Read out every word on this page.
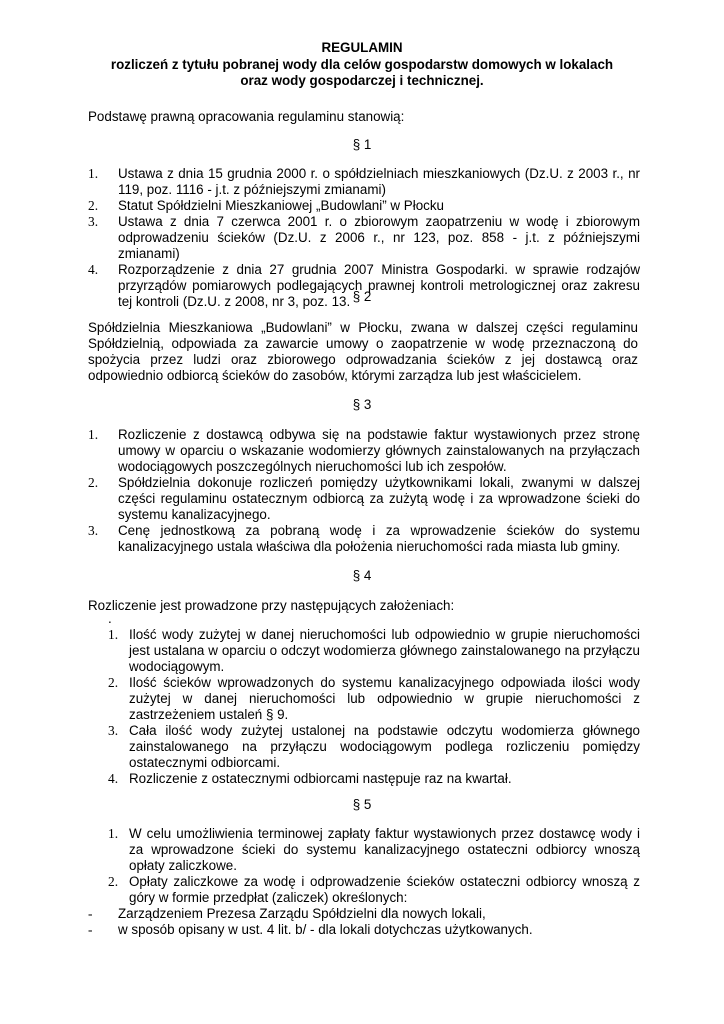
REGULAMIN
rozliczeń z tytułu pobranej wody dla celów gospodarstw domowych w lokalach
oraz wody gospodarczej i technicznej.
Podstawę prawną opracowania regulaminu stanowią:
§ 1
1.	Ustawa z dnia 15 grudnia 2000 r. o spółdzielniach mieszkaniowych (Dz.U. z 2003 r., nr 119, poz. 1116 - j.t. z późniejszymi zmianami)
2.	Statut Spółdzielni Mieszkaniowej „Budowlani” w Płocku
3.	Ustawa z dnia 7 czerwca 2001 r. o zbiorowym zaopatrzeniu w wodę i zbiorowym odprowadzeniu ścieków (Dz.U. z 2006 r., nr 123, poz. 858 - j.t. z późniejszymi zmianami)
4.	Rozporządzenie z dnia 27 grudnia 2007 Ministra Gospodarki. w sprawie rodzajów przyrządów pomiarowych podlegających prawnej kontroli metrologicznej oraz zakresu tej kontroli (Dz.U. z 2008, nr 3, poz. 13. § 2
Spółdzielnia Mieszkaniowa „Budowlani” w Płocku, zwana w dalszej części regulaminu Spółdzielnią, odpowiada za zawarcie umowy o zaopatrzenie w wodę przeznaczoną do spożycia przez ludzi oraz zbiorowego odprowadzania ścieków z jej dostawcą oraz odpowiednio odbiorcą ścieków do zasobów, którymi zarządza lub jest właścicielem.
§ 3
1.	Rozliczenie z dostawcą odbywa się na podstawie faktur wystawionych przez stronę umowy w oparciu o wskazanie wodomierzy głównych zainstalowanych na przyłączach wodociągowych poszczególnych nieruchomości lub ich zespołów.
2.	Spółdzielnia dokonuje rozliczeń pomiędzy użytkownikami lokali, zwanymi w dalszej części regulaminu ostatecznym odbiorcą za zużytą wodę i za wprowadzone ścieki do systemu kanalizacyjnego.
3.	Cenę jednostkową za pobraną wodę i za wprowadzenie ścieków do systemu kanalizacyjnego ustala właściwa dla położenia nieruchomości rada miasta lub gminy.
§ 4
Rozliczenie jest prowadzone przy następujących założeniach:
.
1. Ilość wody zużytej w danej nieruchomości lub odpowiednio w grupie nieruchomości jest ustalana w oparciu o odczyt wodomierza głównego zainstalowanego na przyłączu wodociągowym.
2. Ilość ścieków wprowadzonych do systemu kanalizacyjnego odpowiada ilości wody zużytej w danej nieruchomości lub odpowiednio w grupie nieruchomości z zastrzeżeniem ustaleń § 9.
3. Cała ilość wody zużytej ustalonej na podstawie odczytu wodomierza głównego zainstalowanego na przyłączu wodociągowym podlega rozliczeniu pomiędzy ostatecznymi odbiorcami.
4. Rozliczenie z ostatecznymi odbiorcami następuje raz na kwartał.
§ 5
1. W celu umożliwienia terminowej zapłaty faktur wystawionych przez dostawcę wody i za wprowadzone ścieki do systemu kanalizacyjnego ostateczni odbiorcy wnoszą opłaty zaliczkowe.
2. Opłaty zaliczkowe za wodę i odprowadzenie ścieków ostateczni odbiorcy wnoszą z góry w formie przedpłat (zaliczek) określonych:
-	Zarządzeniem Prezesa Zarządu Spółdzielni dla nowych lokali,
-	w sposób opisany w ust. 4 lit. b/ - dla lokali dotychczas użytkowanych.
